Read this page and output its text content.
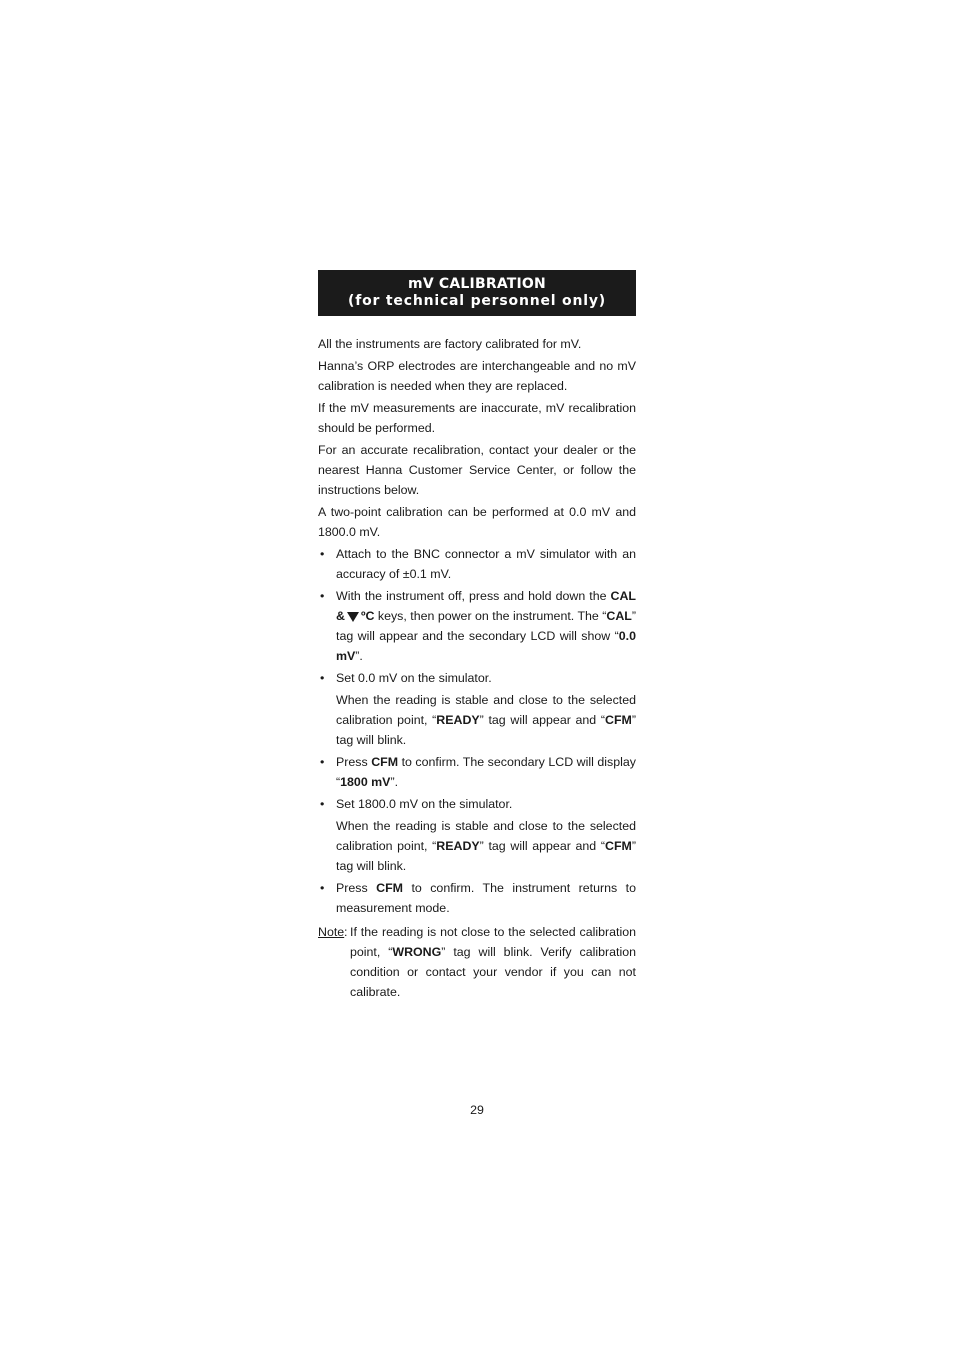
mV CALIBRATION
(for technical personnel only)

All the instruments are factory calibrated for mV.

Hanna’s ORP electrodes are interchangeable and no mV calibration is needed when they are replaced.

If the mV measurements are inaccurate, mV recalibration should be performed.

For an accurate recalibration, contact your dealer or the nearest Hanna Customer Service Center, or follow the instructions below.

A two-point calibration can be performed at 0.0 mV and 1800.0 mV.

• Attach to the BNC connector a mV simulator with an accuracy of ±0.1 mV.
• With the instrument off, press and hold down the CAL & ºC keys, then power on the instrument. The “CAL” tag will appear and the secondary LCD will show “0.0 mV”.
• Set 0.0 mV on the simulator.
When the reading is stable and close to the selected calibration point, “READY” tag will appear and “CFM” tag will blink.
• Press CFM to confirm. The secondary LCD will display “1800 mV”.
• Set 1800.0 mV on the simulator.
When the reading is stable and close to the selected calibration point, “READY” tag will appear and “CFM” tag will blink.
• Press CFM to confirm. The instrument returns to measurement mode.
Note : If the reading is not close to the selected calibration point, “WRONG” tag will blink. Verify calibration condition or contact your vendor if you can not calibrate.
29
